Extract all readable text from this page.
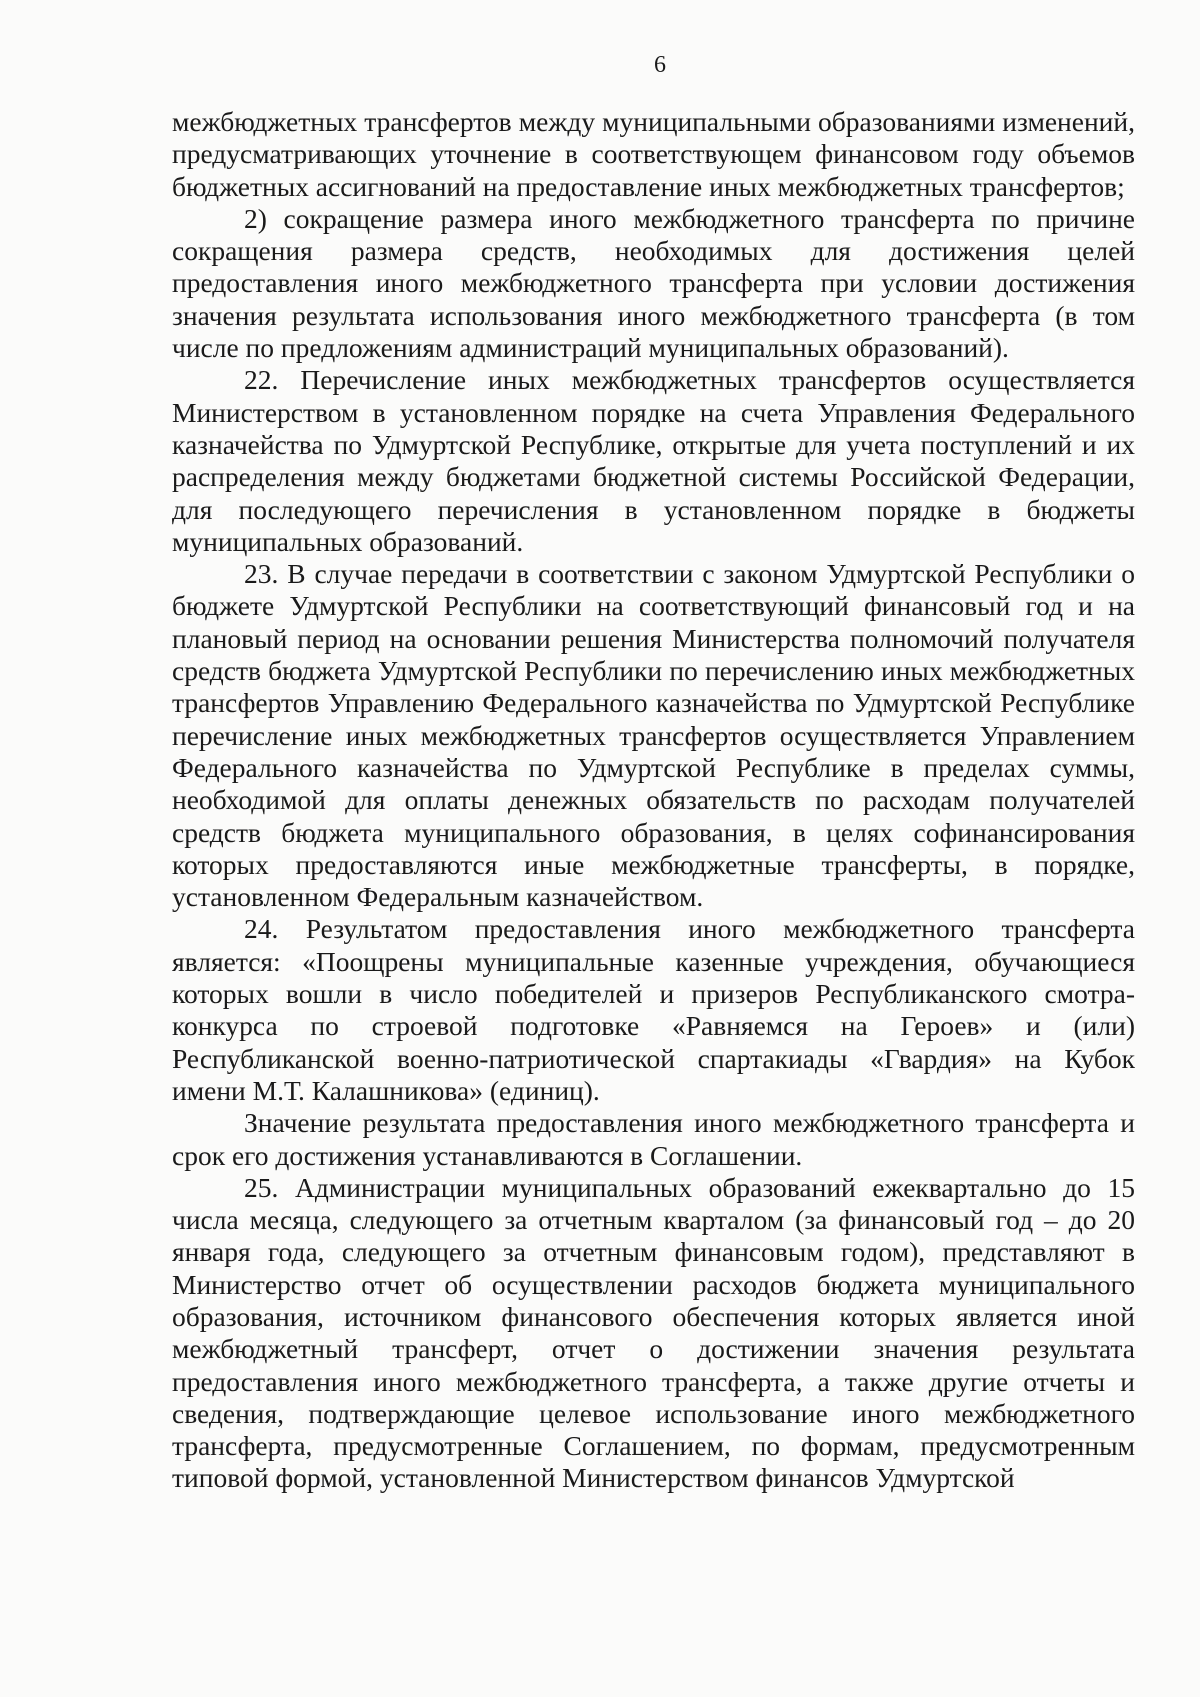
6

межбюджетных трансфертов между муниципальными образованиями изменений, предусматривающих уточнение в соответствующем финансовом году объемов бюджетных ассигнований на предоставление иных межбюджетных трансфертов;

2) сокращение размера иного межбюджетного трансферта по причине сокращения размера средств, необходимых для достижения целей предоставления иного межбюджетного трансферта при условии достижения значения результата использования иного межбюджетного трансферта (в том числе по предложениям администраций муниципальных образований).

22. Перечисление иных межбюджетных трансфертов осуществляется Министерством в установленном порядке на счета Управления Федерального казначейства по Удмуртской Республике, открытые для учета поступлений и их распределения между бюджетами бюджетной системы Российской Федерации, для последующего перечисления в установленном порядке в бюджеты муниципальных образований.

23. В случае передачи в соответствии с законом Удмуртской Республики о бюджете Удмуртской Республики на соответствующий финансовый год и на плановый период на основании решения Министерства полномочий получателя средств бюджета Удмуртской Республики по перечислению иных межбюджетных трансфертов Управлению Федерального казначейства по Удмуртской Республике перечисление иных межбюджетных трансфертов осуществляется Управлением Федерального казначейства по Удмуртской Республике в пределах суммы, необходимой для оплаты денежных обязательств по расходам получателей средств бюджета муниципального образования, в целях софинансирования которых предоставляются иные межбюджетные трансферты, в порядке, установленном Федеральным казначейством.

24. Результатом предоставления иного межбюджетного трансферта является: «Поощрены муниципальные казенные учреждения, обучающиеся которых вошли в число победителей и призеров Республиканского смотра-конкурса по строевой подготовке «Равняемся на Героев» и (или) Республиканской военно-патриотической спартакиады «Гвардия» на Кубок имени М.Т. Калашникова» (единиц).

Значение результата предоставления иного межбюджетного трансферта и срок его достижения устанавливаются в Соглашении.

25. Администрации муниципальных образований ежеквартально до 15 числа месяца, следующего за отчетным кварталом (за финансовый год – до 20 января года, следующего за отчетным финансовым годом), представляют в Министерство отчет об осуществлении расходов бюджета муниципального образования, источником финансового обеспечения которых является иной межбюджетный трансферт, отчет о достижении значения результата предоставления иного межбюджетного трансферта, а также другие отчеты и сведения, подтверждающие целевое использование иного межбюджетного трансферта, предусмотренные Соглашением, по формам, предусмотренным типовой формой, установленной Министерством финансов Удмуртской
